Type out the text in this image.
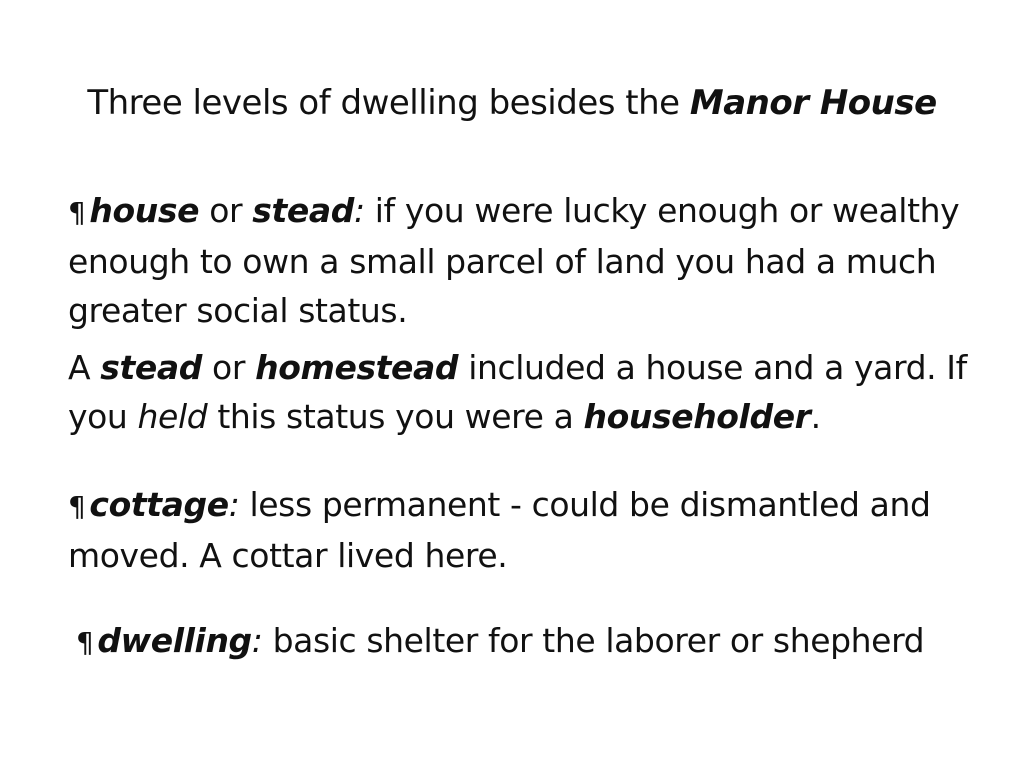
Three levels of dwelling besides the Manor House
¶ house or stead: if you were lucky enough or wealthy enough to own a small parcel of land you had a much greater social status.
A stead or homestead included a house and a yard. If you held this status you were a householder.
¶ cottage: less permanent - could be dismantled and moved. A cottar lived here.
¶ dwelling: basic shelter for the laborer or shepherd
